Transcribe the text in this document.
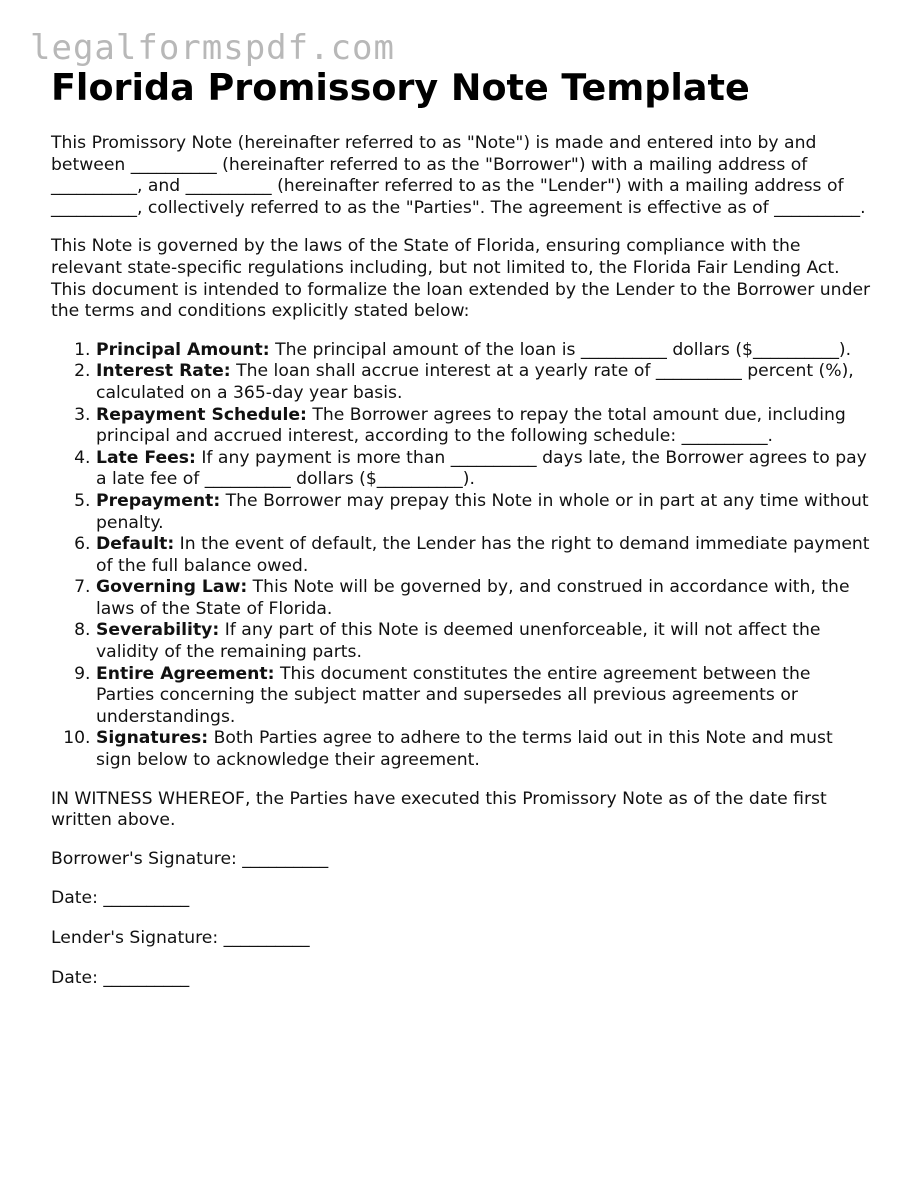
legalformspdf.com
Florida Promissory Note Template

This Promissory Note (hereinafter referred to as "Note") is made and entered into by and between __________ (hereinafter referred to as the "Borrower") with a mailing address of __________, and __________ (hereinafter referred to as the "Lender") with a mailing address of __________, collectively referred to as the "Parties". The agreement is effective as of __________.

This Note is governed by the laws of the State of Florida, ensuring compliance with the relevant state-specific regulations including, but not limited to, the Florida Fair Lending Act. This document is intended to formalize the loan extended by the Lender to the Borrower under the terms and conditions explicitly stated below:

1. Principal Amount: The principal amount of the loan is __________ dollars ($__________).
2. Interest Rate: The loan shall accrue interest at a yearly rate of __________ percent (%), calculated on a 365-day year basis.
3. Repayment Schedule: The Borrower agrees to repay the total amount due, including principal and accrued interest, according to the following schedule: __________.
4. Late Fees: If any payment is more than __________ days late, the Borrower agrees to pay a late fee of __________ dollars ($__________).
5. Prepayment: The Borrower may prepay this Note in whole or in part at any time without penalty.
6. Default: In the event of default, the Lender has the right to demand immediate payment of the full balance owed.
7. Governing Law: This Note will be governed by, and construed in accordance with, the laws of the State of Florida.
8. Severability: If any part of this Note is deemed unenforceable, it will not affect the validity of the remaining parts.
9. Entire Agreement: This document constitutes the entire agreement between the Parties concerning the subject matter and supersedes all previous agreements or understandings.
10. Signatures: Both Parties agree to adhere to the terms laid out in this Note and must sign below to acknowledge their agreement.

IN WITNESS WHEREOF, the Parties have executed this Promissory Note as of the date first written above.

Borrower's Signature: __________
Date: __________
Lender's Signature: __________
Date: __________
